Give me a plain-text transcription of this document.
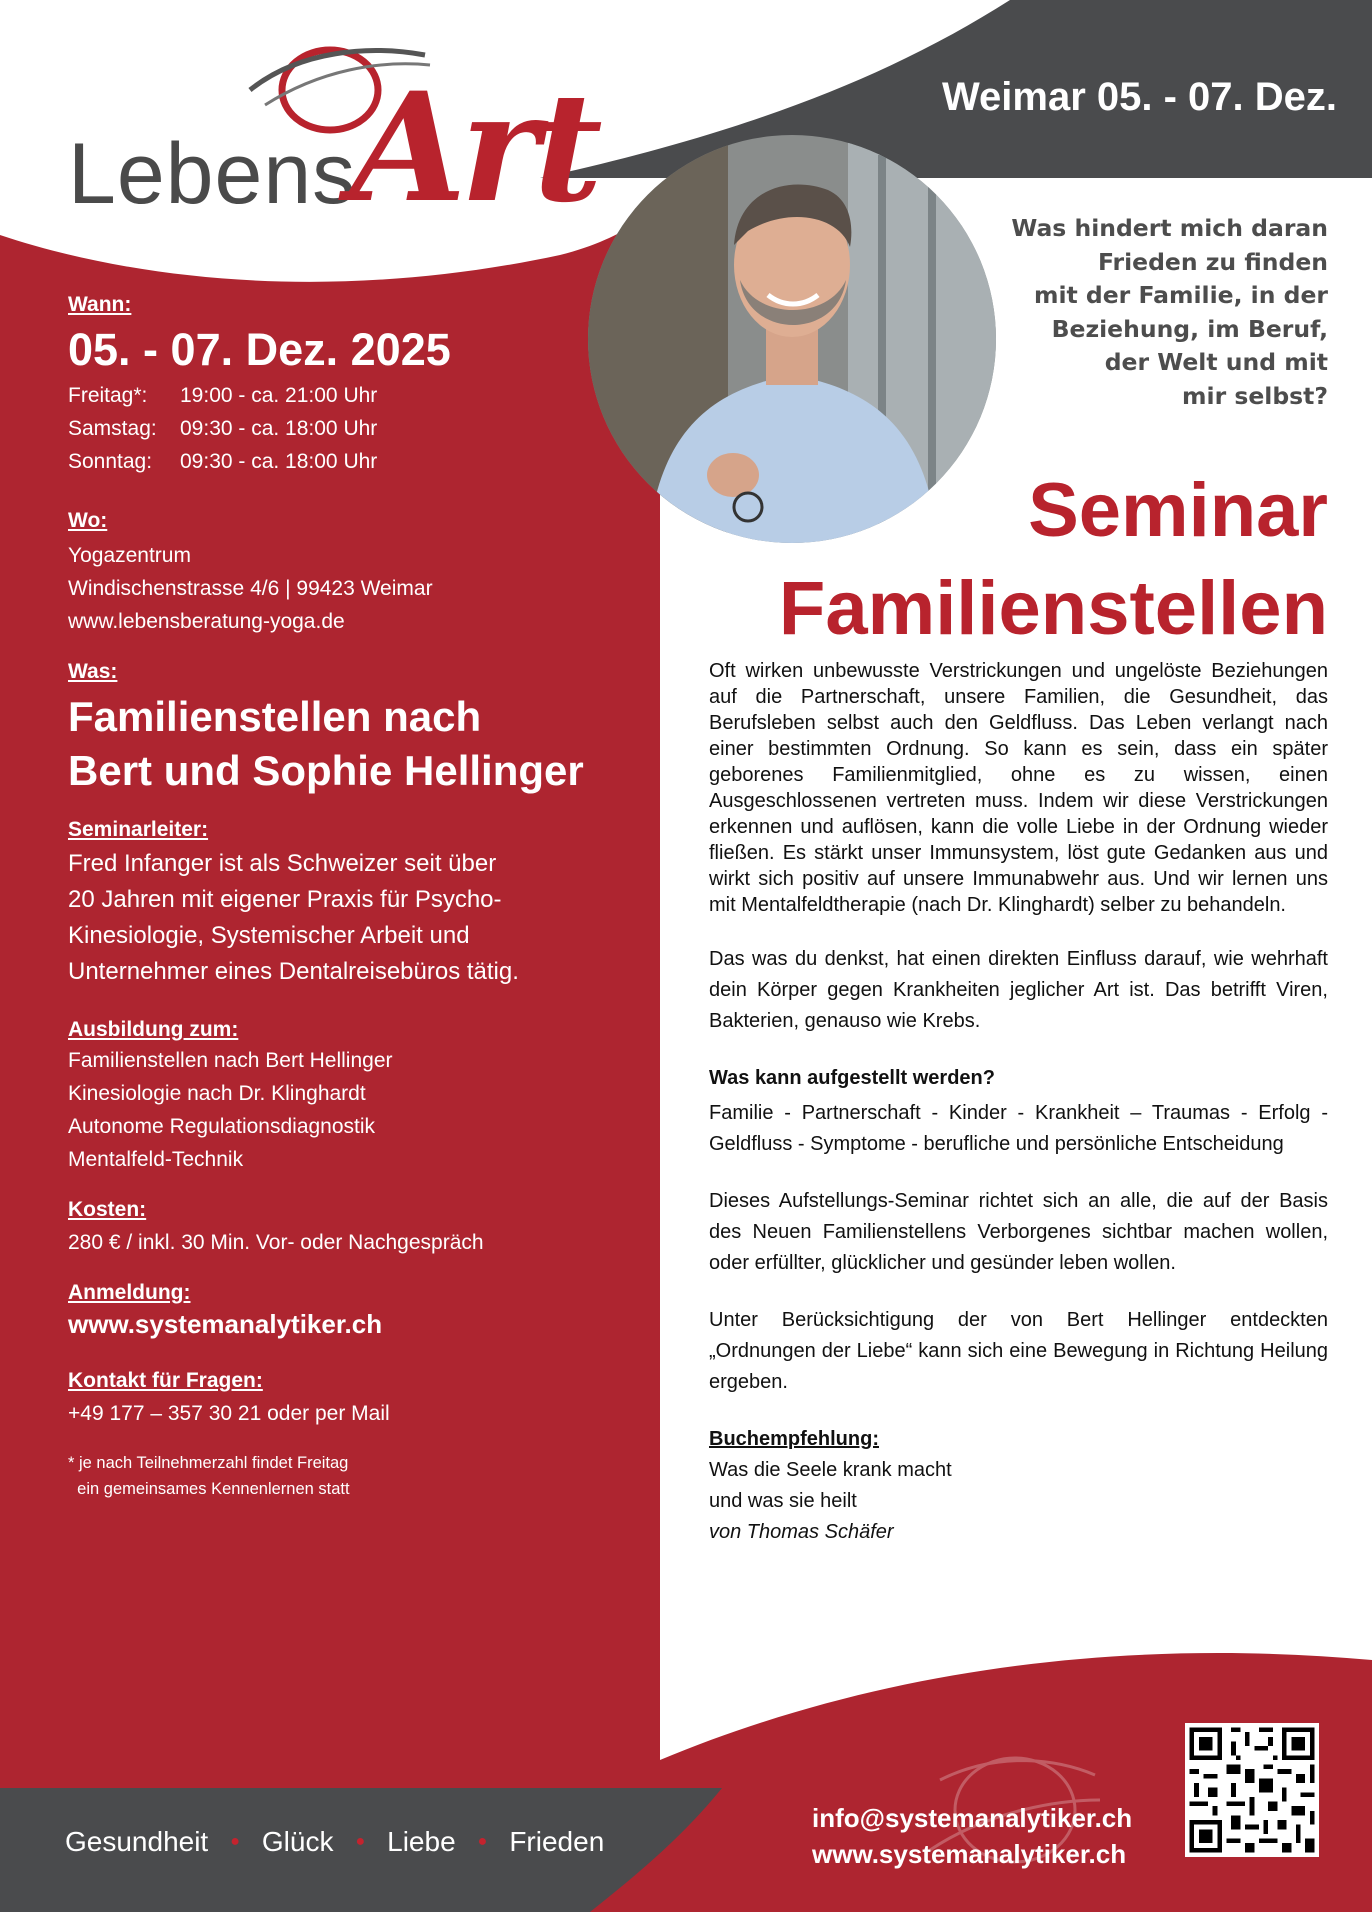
Lebens
Art	Weimar 05. - 07. Dez.
Was hindert mich daran
Frieden zu finden
mit der Familie, in der
Beziehung, im Beruf,
der Welt und mit
mir selbst?
Seminar
Familienstellen
Wann:
05. - 07. Dez. 2025
Freitag*:	19:00 - ca. 21:00 Uhr
Samstag:	09:30 - ca. 18:00 Uhr
Sonntag:	09:30 - ca. 18:00 Uhr
Wo:
Yogazentrum
Windischenstrasse 4/6 | 99423 Weimar
www.lebensberatung-yoga.de
Was:
Familienstellen nach
Bert und Sophie Hellinger
Seminarleiter:
Fred Infanger ist als Schweizer seit über
20 Jahren mit eigener Praxis für Psycho-
Kinesiologie, Systemischer Arbeit und
Unternehmer eines Dentalreisebüros tätig.
Ausbildung zum:
Familienstellen nach Bert Hellinger
Kinesiologie nach Dr. Klinghardt
Autonome Regulationsdiagnostik
Mentalfeld-Technik
Kosten:
280 € / inkl. 30 Min. Vor- oder Nachgespräch
Anmeldung:
www.systemanalytiker.ch
Kontakt für Fragen:
+49 177 – 357 30 21 oder per Mail
* je nach Teilnehmerzahl findet Freitag
ein gemeinsames Kennenlernen statt

Oft wirken unbewusste Verstrickungen und ungelöste Beziehungen auf die Partnerschaft, unsere Familien, die Gesundheit, das Berufsleben selbst auch den Geldfluss. Das Leben verlangt nach einer bestimmten Ordnung. So kann es sein, dass ein später geborenes Familienmitglied, ohne es zu wissen, einen Ausgeschlossenen vertreten muss. Indem wir diese Verstrickungen erkennen und auflösen, kann die volle Liebe in der Ordnung wieder fließen. Es stärkt unser Immunsystem, löst gute Gedanken aus und wirkt sich positiv auf unsere Immunabwehr aus. Und wir lernen uns mit Mentalfeldtherapie (nach Dr. Klinghardt) selber zu behandeln.

Das was du denkst, hat einen direkten Einfluss darauf, wie wehrhaft dein Körper gegen Krankheiten jeglicher Art ist. Das betrifft Viren, Bakterien, genauso wie Krebs.

Was kann aufgestellt werden?

Familie - Partnerschaft - Kinder - Krankheit – Traumas - Erfolg - Geldfluss - Symptome - berufliche und persönliche Entscheidung

Dieses Aufstellungs-Seminar richtet sich an alle, die auf der Basis des Neuen Familienstellens Verborgenes sichtbar machen wollen, oder erfüllter, glücklicher und gesünder leben wollen.

Unter Berücksichtigung der von Bert Hellinger entdeckten „Ordnungen der Liebe“ kann sich eine Bewegung in Richtung Heilung ergeben.

Buchempfehlung:
Was die Seele krank macht
und was sie heilt
von Thomas Schäfer
Gesundheit ● Glück ● Liebe ● Frieden
info@systemanalytiker.ch
www.systemanalytiker.ch
